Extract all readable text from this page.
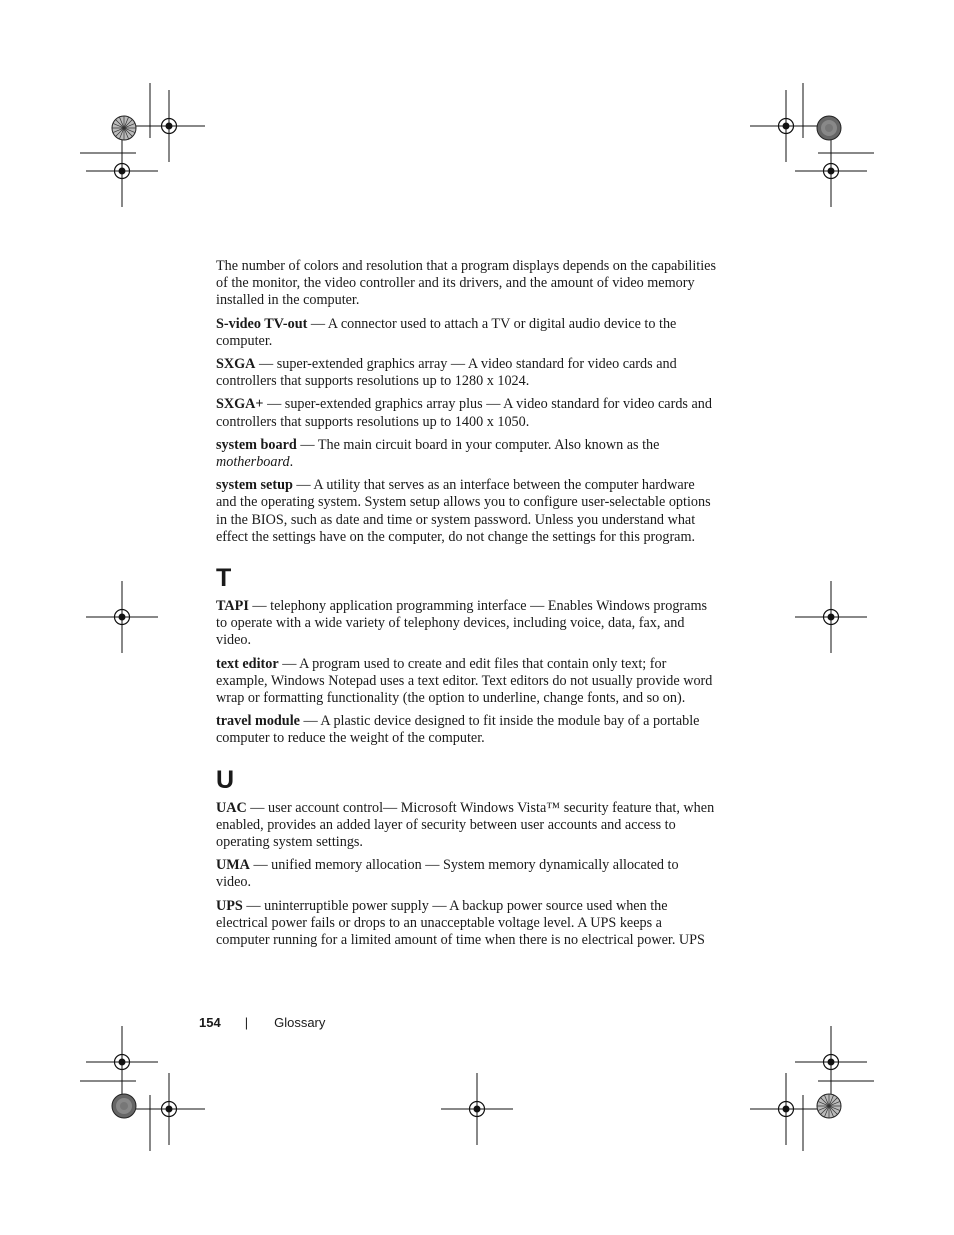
The number of colors and resolution that a program displays depends on the capabilities of the monitor, the video controller and its drivers, and the amount of video memory installed in the computer.

S-video TV-out — A connector used to attach a TV or digital audio device to the computer.

SXGA — super-extended graphics array — A video standard for video cards and controllers that supports resolutions up to 1280 x 1024.

SXGA+ — super-extended graphics array plus — A video standard for video cards and controllers that supports resolutions up to 1400 x 1050.

system board — The main circuit board in your computer. Also known as the motherboard.

system setup — A utility that serves as an interface between the computer hardware and the operating system. System setup allows you to configure user-selectable options in the BIOS, such as date and time or system password. Unless you understand what effect the settings have on the computer, do not change the settings for this program.

T

TAPI — telephony application programming interface — Enables Windows programs to operate with a wide variety of telephony devices, including voice, data, fax, and video.

text editor — A program used to create and edit files that contain only text; for example, Windows Notepad uses a text editor. Text editors do not usually provide word wrap or formatting functionality (the option to underline, change fonts, and so on).

travel module — A plastic device designed to fit inside the module bay of a portable computer to reduce the weight of the computer.

U

UAC — user account control— Microsoft Windows Vista™ security feature that, when enabled, provides an added layer of security between user accounts and access to operating system settings.

UMA — unified memory allocation — System memory dynamically allocated to video.

UPS — uninterruptible power supply — A backup power source used when the electrical power fails or drops to an unacceptable voltage level. A UPS keeps a computer running for a limited amount of time when there is no electrical power. UPS

154 | Glossary
